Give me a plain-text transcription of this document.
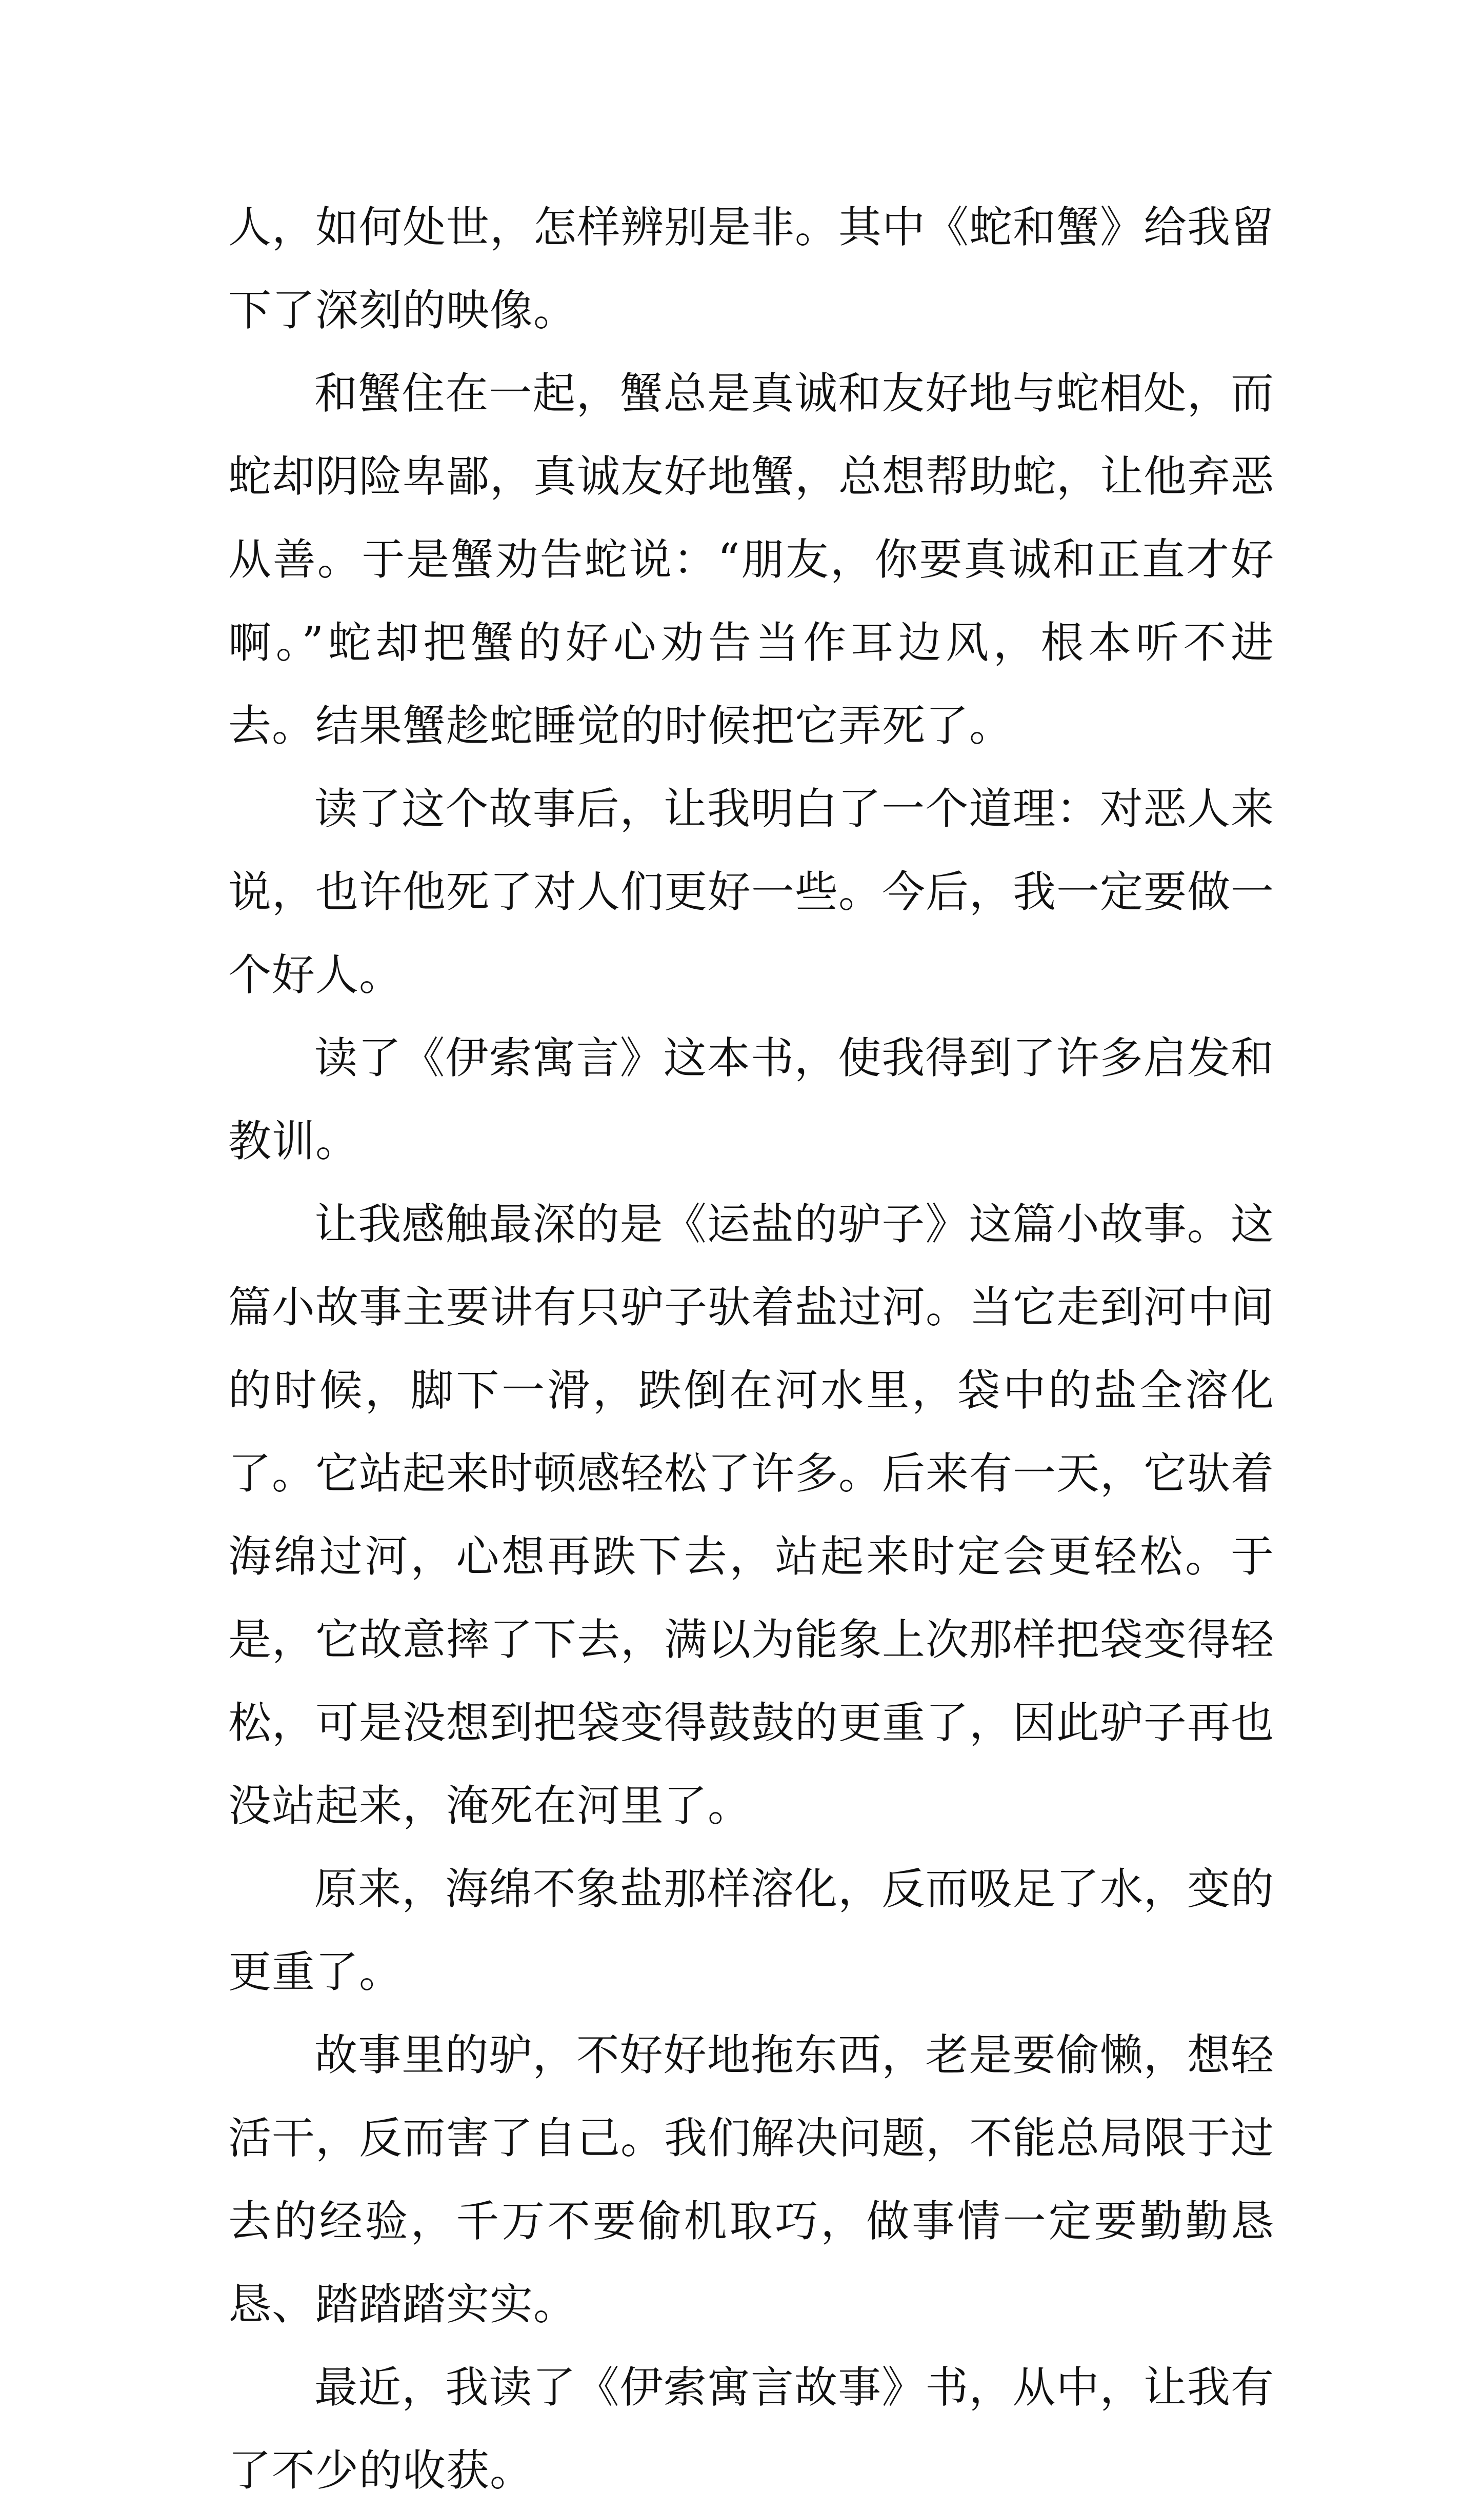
人，如何处世，怎样辨别是非。其中《蛇和蟹》给我留下了深刻的映像。

和蟹住在一起，蟹总是真诚和友好地与蛇相处，而蛇却阴险卑鄙，真诚友好地蟹，总想帮助蛇，让他弃恶从善。于是蟹劝告蛇说：“朋友，你要真诚和正直才好啊。”蛇却把蟹的好心劝告当作耳边风，根本听不进去。结果蟹趁蛇睡觉的时候把它弄死了。

读了这个故事后，让我明白了一个道理：对恶人来说，也许他死了对人们更好一些。今后，我一定要做一个好人。

读了《伊索寓言》这本书，使我得到了许多启发和教训。

让我感触最深的是《运盐的驴子》这篇小故事。这篇小故事主要讲有只驴子驮着盐过河。当它走到河中间的时候，脚下一滑，跌倒在河水里，袋中的盐全溶化了。它站起来时顿感轻松了许多。后来有一天，它驮着海绵过河，心想再跌下去，站起来时定会更轻松。于是，它故意摔了下去，满以为能象上次那样把袋变得轻松，可是没想到把袋变得鼓鼓的更重了，因此驴子再也没站起来，淹死在河里了。

原来，海绵不象盐那样溶化，反而吸足了水，变的更重了。

故事里的驴，不好好地拖东西，老是要偷懒，想轻活干，反而害了自己。我们解决问题，不能总局限于过去的经验，千万不要偷机取巧，做事情一定要勤勤恳恳、踏踏踏实实。

最近，我读了《伊索寓言故事》书，从中，让我有了不少的收获。
